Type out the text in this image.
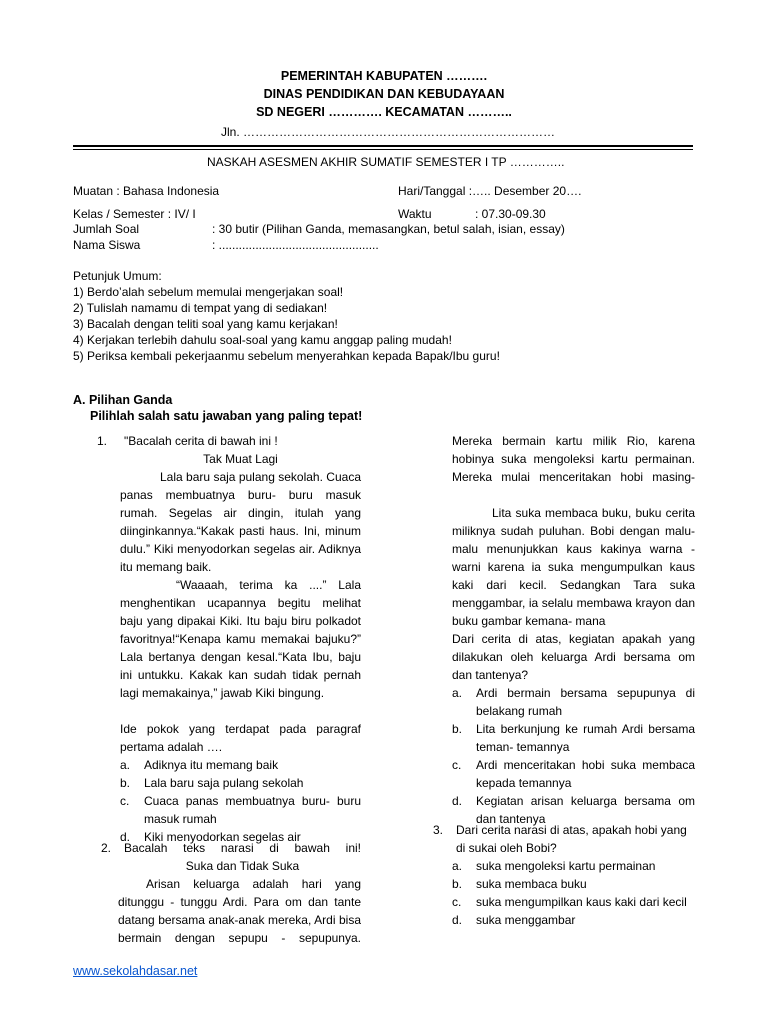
PEMERINTAH KABUPATEN ……….
DINAS PENDIDIKAN DAN KEBUDAYAAN
SD NEGERI …………. KECAMATAN ………..
Jln. ……………………………………………………………………
NASKAH ASESMEN AKHIR SUMATIF SEMESTER I TP …………..
Muatan : Bahasa Indonesia	Hari/Tanggal :….. Desember 20….
Kelas / Semester : IV/ I	Waktu	: 07.30-09.30
Jumlah Soal	: 30 butir (Pilihan Ganda, memasangkan, betul salah, isian, essay)
Nama Siswa	: ................................................
Petunjuk Umum:
1) Berdo’alah sebelum memulai mengerjakan soal!
2) Tulislah namamu di tempat yang di sediakan!
3) Bacalah dengan teliti soal yang kamu kerjakan!
4) Kerjakan terlebih dahulu soal-soal yang kamu anggap paling mudah!
5) Periksa kembali pekerjaanmu sebelum menyerahkan kepada Bapak/Ibu guru!
A. Pilihan Ganda
Pilihlah salah satu jawaban yang paling tepat!
1.	"Bacalah cerita di bawah ini !
Tak Muat Lagi
Lala baru saja pulang sekolah. Cuaca panas membuatnya buru- buru masuk rumah. Segelas air dingin, itulah yang diinginkannya.“Kakak pasti haus. Ini, minum dulu.” Kiki menyodorkan segelas air. Adiknya itu memang baik.
“Waaaah, terima ka ....” Lala menghentikan ucapannya begitu melihat baju yang dipakai Kiki. Itu baju biru polkadot favoritnya!“Kenapa kamu memakai bajuku?” Lala bertanya dengan kesal.“Kata Ibu, baju ini untukku. Kakak kan sudah tidak pernah lagi memakainya,” jawab Kiki bingung.
Ide pokok yang terdapat pada paragraf pertama adalah ….
a.	Adiknya itu memang baik
b.	Lala baru saja pulang sekolah
c.	Cuaca panas membuatnya buru- buru masuk rumah
d.	Kiki menyodorkan segelas air
2.	Bacalah teks narasi di bawah ini!
Suka dan Tidak Suka
Arisan keluarga adalah hari yang ditunggu - tunggu Ardi. Para om dan tante datang bersama anak-anak mereka, Ardi bisa bermain dengan sepupu - sepupunya.
Mereka bermain kartu milik Rio, karena hobinya suka mengoleksi kartu permainan. Mereka mulai menceritakan hobi masing-
Lita suka membaca buku, buku cerita miliknya sudah puluhan. Bobi dengan malu- malu menunjukkan kaus kakinya warna -warni karena ia suka mengumpulkan kaus kaki dari kecil. Sedangkan Tara suka menggambar, ia selalu membawa krayon dan buku gambar kemana- mana
Dari cerita di atas, kegiatan apakah yang dilakukan oleh keluarga Ardi bersama om dan tantenya?
a.	Ardi bermain bersama sepupunya di belakang rumah
b.	Lita berkunjung ke rumah Ardi bersama teman- temannya
c.	Ardi menceritakan hobi suka membaca kepada temannya
d.	Kegiatan arisan keluarga bersama om dan tantenya
3.	Dari cerita narasi di atas, apakah hobi yang di sukai oleh Bobi?
a.	suka mengoleksi kartu permainan
b.	suka membaca buku
c.	suka mengumpilkan kaus kaki dari kecil
d.	suka menggambar
www.sekolahdasar.net
